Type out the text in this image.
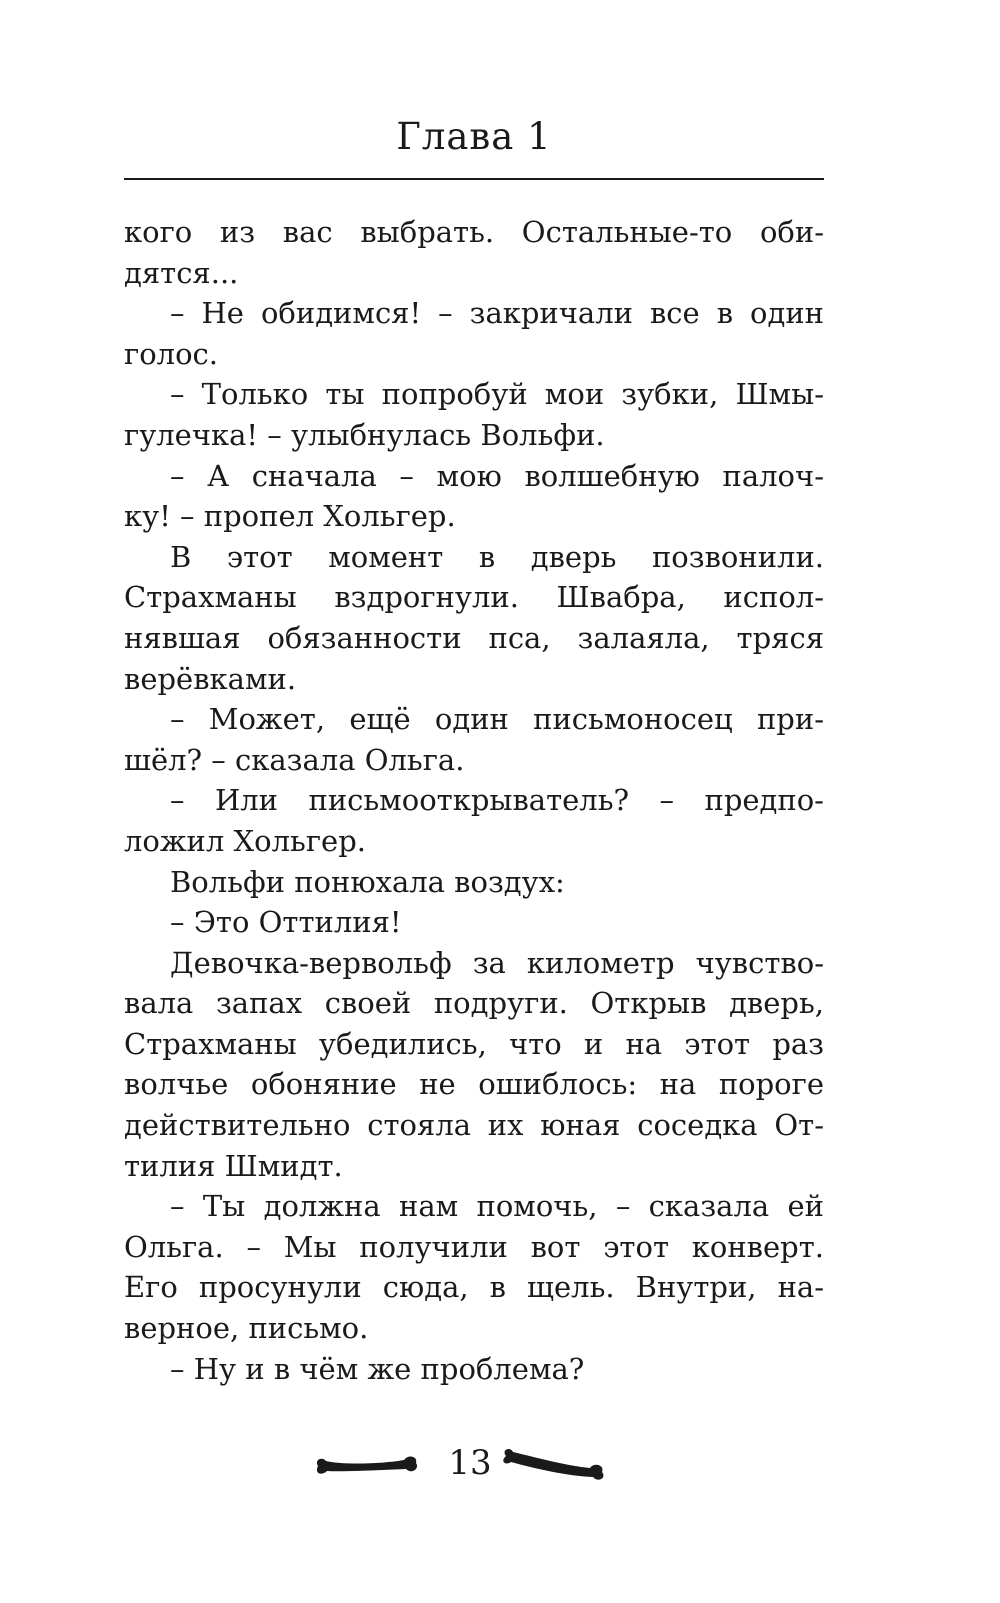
Глава 1
кого из вас выбрать. Остальные-то оби-
дятся...
– Не обидимся! – закричали все в один
голос.
– Только ты попробуй мои зубки, Шмы-
гулечка! – улыбнулась Вольфи.
– А сначала – мою волшебную палоч-
ку! – пропел Хольгер.
В этот момент в дверь позвонили.
Страхманы вздрогнули. Швабра, испол-
нявшая обязанности пса, залаяла, тряся
верёвками.
– Может, ещё один письмоносец при-
шёл? – сказала Ольга.
– Или письмооткрыватель? – предпо-
ложил Хольгер.
Вольфи понюхала воздух:
– Это Оттилия!
Девочка-вервольф за километр чувство-
вала запах своей подруги. Открыв дверь,
Страхманы убедились, что и на этот раз
волчье обоняние не ошиблось: на пороге
действительно стояла их юная соседка От-
тилия Шмидт.
– Ты должна нам помочь, – сказала ей
Ольга. – Мы получили вот этот конверт.
Его просунули сюда, в щель. Внутри, на-
верное, письмо.
– Ну и в чём же проблема?
13
